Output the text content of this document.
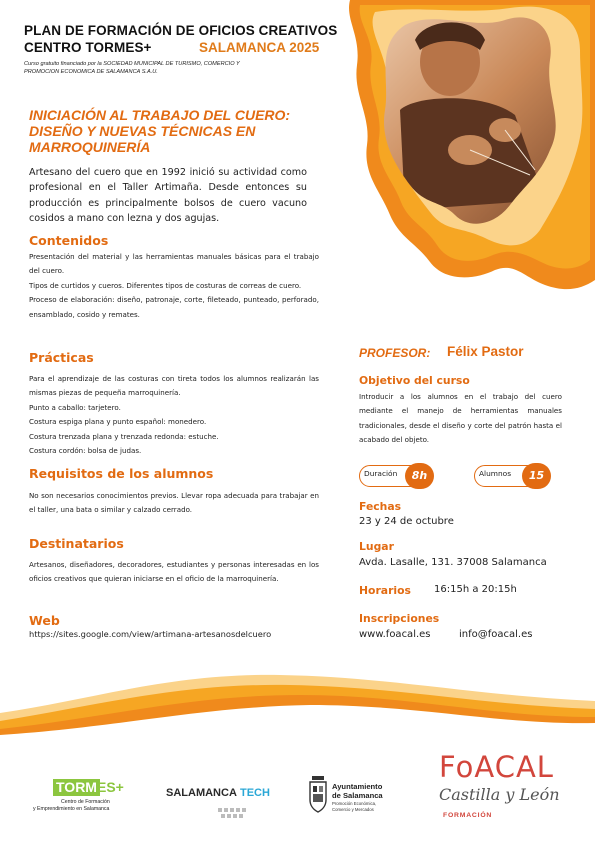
PLAN DE FORMACIÓN DE OFICIOS CREATIVOS
CENTRO TORMES+	SALAMANCA 2025
Curso gratuito financiado por la SOCIEDAD MUNICIPAL DE TURISMO, COMERCIO Y
PROMOCION ECONOMICA DE SALAMANCA S.A.U.
INICIACIÓN AL TRABAJO DEL CUERO:
DISEÑO Y NUEVAS TÉCNICAS EN
MARROQUINERÍA
Artesano del cuero que en 1992 inició su actividad como profesional en el Taller Artimaña. Desde entonces su producción es principalmente bolsos de cuero vacuno cosidos a mano con lezna y dos agujas.
Contenidos

Presentación del material y las herramientas manuales básicas para el trabajo del cuero.

Tipos de curtidos y cueros. Diferentes tipos de costuras de correas de cuero.

Proceso de elaboración: diseño, patronaje, corte, fileteado, punteado, perforado, ensamblado, cosido y remates.

Prácticas

Para el aprendizaje de las costuras con tireta todos los alumnos realizarán las mismas piezas de pequeña marroquinería.

Punto a caballo: tarjetero.

Costura espiga plana y punto español: monedero.

Costura trenzada plana y trenzada redonda: estuche.

Costura cordón: bolsa de judas.

Requisitos de los alumnos
No son necesarios conocimientos previos. Llevar ropa adecuada para trabajar en el taller, una bata o similar y calzado cerrado.
Destinatarios
Artesanos, diseñadores, decoradores, estudiantes y personas interesadas en los oficios creativos que quieran iniciarse en el oficio de la marroquinería.
Web
https://sites.google.com/view/artimana-artesanosdelcuero
PROFESOR: Félix Pastor
Objetivo del curso
Introducir a los alumnos en el trabajo del cuero mediante el manejo de herramientas manuales tradicionales, desde el diseño y corte del patrón hasta el acabado del objeto.
Duración	8h	Alumnos	15
Fechas
23 y 24 de octubre
Lugar
Avda. Lasalle, 131. 37008 Salamanca
Horarios 16:15h a 20:15h
Inscripciones
www.foacal.es	info@foacal.es
TORM ES+
Centro de Formación
y Emprendimiento en Salamanca
SALAMANCA TECH
Ayuntamiento
de Salamanca
Promoción Económica,
Comercio y Mercados
FoACAL
Castilla y León
FORMACIÓN
